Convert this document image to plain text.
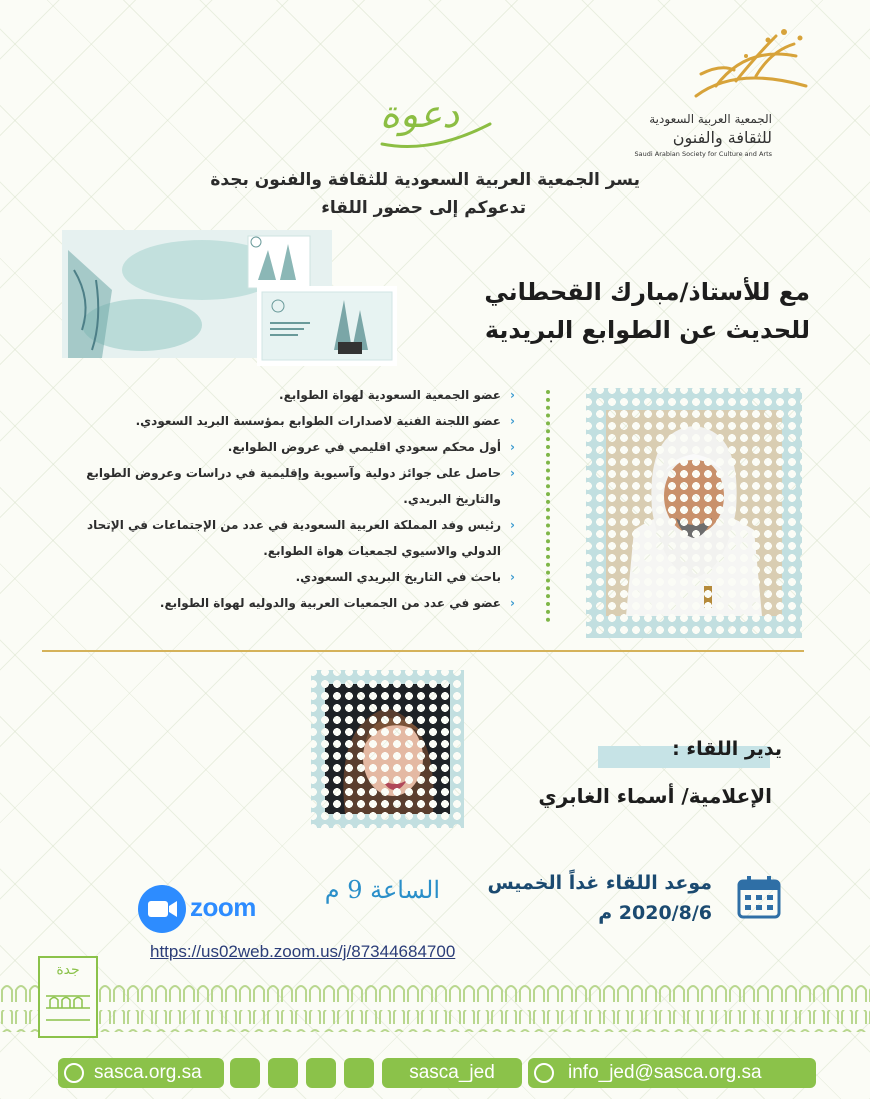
الجمعية العربية السعودية
للثقافة والفنون
Saudi Arabian Society for Culture and Arts
دعوة
يسر الجمعية العربية السعودية للثقافة والفنون بجدة
تدعوكم إلى حضور اللقاء
مع للأستاذ/مبارك القحطاني
للحديث عن الطوابع البريدية
‹
عضو الجمعية السعودية لهواة الطوابع.
‹
عضو اللجنة الفنية لاصدارات الطوابع بمؤسسة البريد السعودي.
‹
أول محكم سعودي اقليمي في عروض الطوابع.
‹
حاصل على جوائز دولية وآسيوية وإقليمية في دراسات وعروض الطوابع والتاريخ البريدي.
‹
رئيس وفد المملكة العربية السعودية في عدد من الإجتماعات في الإتحاد الدولي والاسيوي لجمعيات هواة الطوابع.
‹
باحث في التاريخ البريدي السعودي.
‹
عضو في عدد من الجمعيات العربية والدوليه لهواة الطوابع.
يدير اللقاء :
الإعلامية/ أسماء الغابري
موعد اللقاء غداً الخميس
2020/8/6 م
الساعة 9 م
zoom
https://us02web.zoom.us/j/87344684700
جدة
sasca.org.sa	sasca_jed	info_jed@sasca.org.sa
